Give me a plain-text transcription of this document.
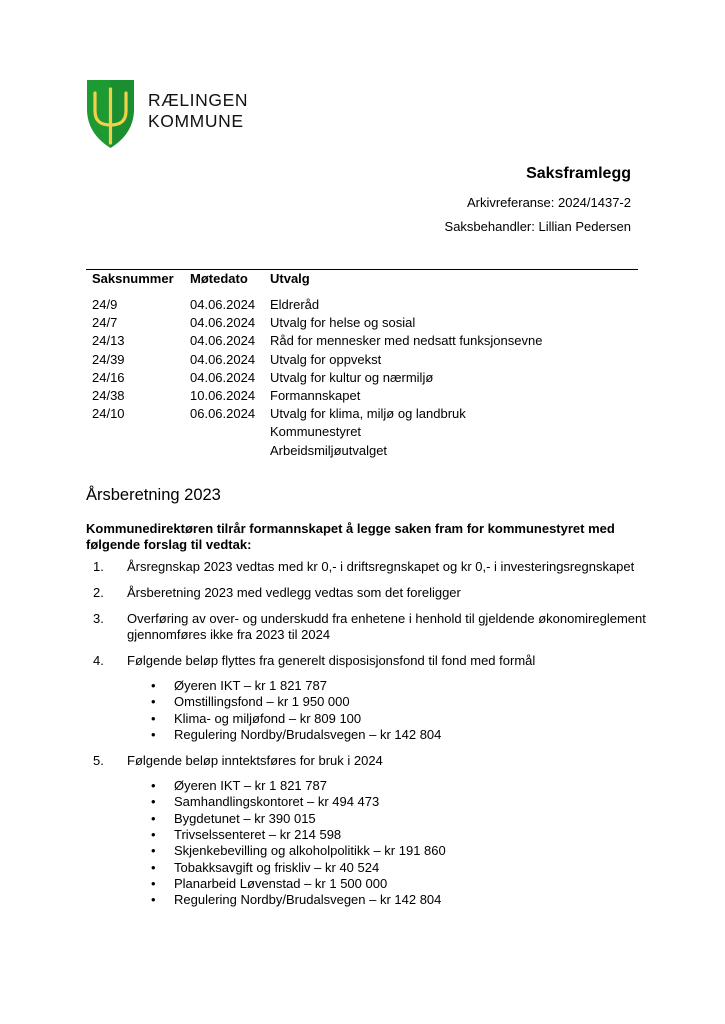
RÆLINGEN
KOMMUNE
Saksframlegg
Arkivreferanse: 2024/1437-2
Saksbehandler: Lillian Pedersen
Saksnummer	Møtedato	Utvalg
24/9	04.06.2024	Eldreråd
24/7	04.06.2024	Utvalg for helse og sosial
24/13	04.06.2024	Råd for mennesker med nedsatt funksjonsevne
24/39	04.06.2024	Utvalg for oppvekst
24/16	04.06.2024	Utvalg for kultur og nærmiljø
24/38	10.06.2024	Formannskapet
24/10	06.06.2024	Utvalg for klima, miljø og landbruk
Kommunestyret
Arbeidsmiljøutvalget
Årsberetning 2023
Kommunedirektøren tilrår formannskapet å legge saken fram for kommunestyret med følgende forslag til vedtak:
1. Årsregnskap 2023 vedtas med kr 0,- i driftsregnskapet og kr 0,- i investeringsregnskapet
2. Årsberetning 2023 med vedlegg vedtas som det foreligger
3. Overføring av over- og underskudd fra enhetene i henhold til gjeldende økonomireglement gjennomføres ikke fra 2023 til 2024
4. Følgende beløp flyttes fra generelt disposisjonsfond til fond med formål
• Øyeren IKT – kr 1 821 787
• Omstillingsfond – kr 1 950 000
• Klima- og miljøfond – kr 809 100
• Regulering Nordby/Brudalsvegen – kr 142 804
5. Følgende beløp inntektsføres for bruk i 2024
• Øyeren IKT – kr 1 821 787
• Samhandlingskontoret – kr 494 473
• Bygdetunet – kr 390 015
• Trivselssenteret – kr 214 598
• Skjenkebevilling og alkoholpolitikk – kr 191 860
• Tobakksavgift og friskliv – kr 40 524
• Planarbeid Løvenstad – kr 1 500 000
• Regulering Nordby/Brudalsvegen – kr 142 804
